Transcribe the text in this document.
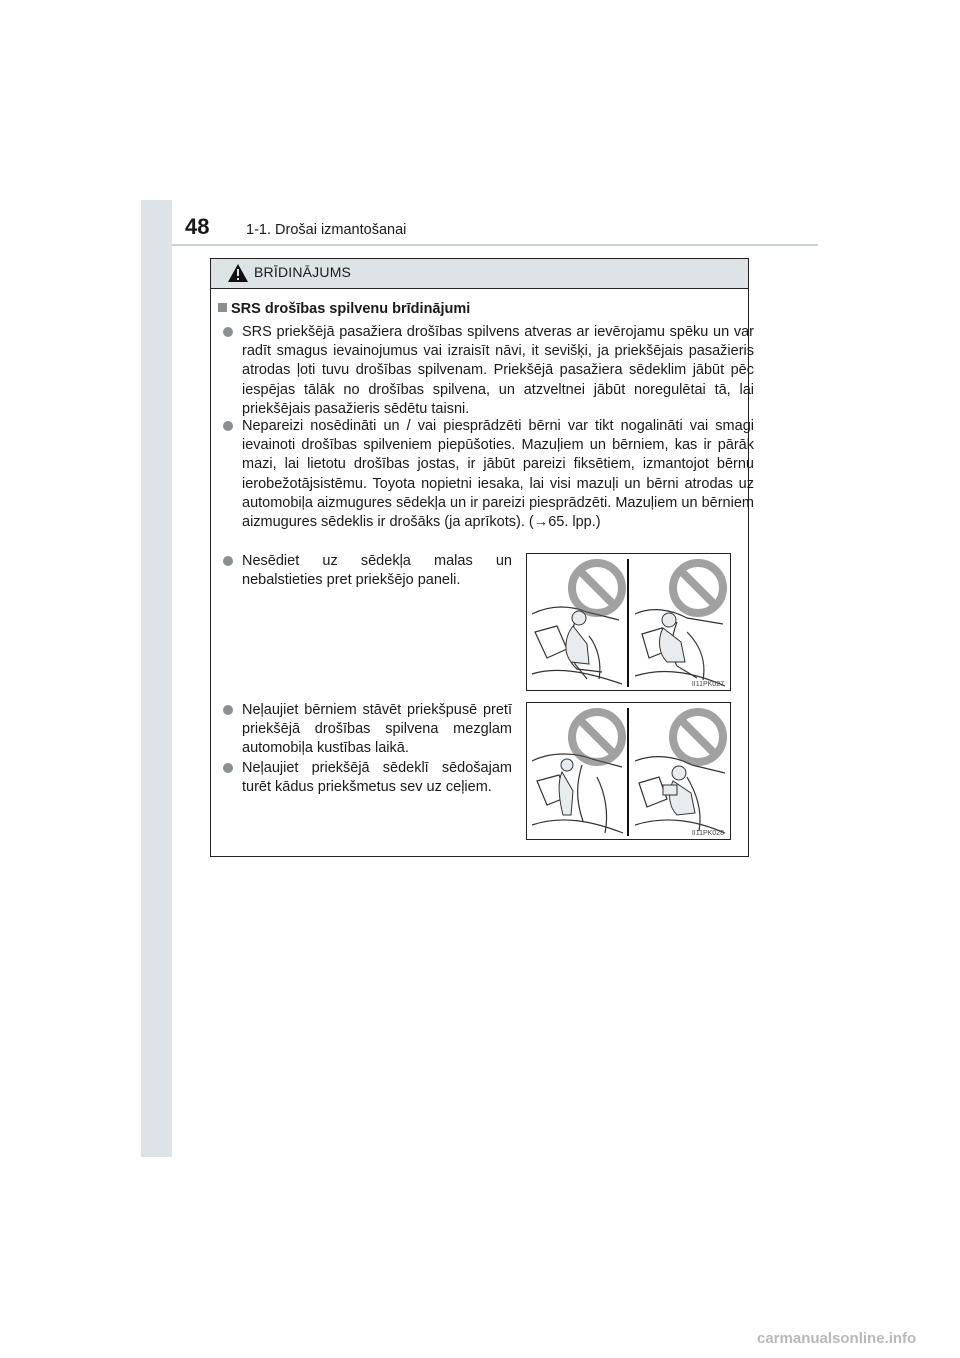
48	1-1. Drošai izmantošanai
BRĪDINĀJUMS
SRS drošības spilvenu brīdinājumi
SRS priekšējā pasažiera drošības spilvens atveras ar ievērojamu spēku un var radīt smagus ievainojumus vai izraisīt nāvi, it sevišķi, ja priekšējais pasažieris atrodas ļoti tuvu drošības spilvenam. Priekšējā pasažiera sēdeklim jābūt pēc iespējas tālāk no drošības spilvena, un atzveltnei jābūt noregulētai tā, lai priekšējais pasažieris sēdētu taisni.
Nepareizi nosēdināti un / vai piesprādzēti bērni var tikt nogalināti vai smagi ievainoti drošības spilveniem piepūšoties. Mazuļiem un bērniem, kas ir pārāk mazi, lai lietotu drošības jostas, ir jābūt pareizi fiksētiem, izmantojot bērnu ierobežotājsistēmu. Toyota nopietni iesaka, lai visi mazuļi un bērni atrodas uz automobiļa aizmugures sēdekļa un ir pareizi piesprādzēti. Mazuļiem un bērniem aizmugures sēdeklis ir drošāks (ja aprīkots). (→65. lpp.)
Nesēdiet uz sēdekļa malas un nebalstieties pret priekšējo paneli.
Neļaujiet bērniem stāvēt priekšpusē pretī priekšējā drošības spilvena mezglam automobiļa kustības laikā.
Neļaujiet priekšējā sēdeklī sēdošajam turēt kādus priekšmetus sev uz ceļiem.
II11PK027
II11PK028
carmanualsonline.info
